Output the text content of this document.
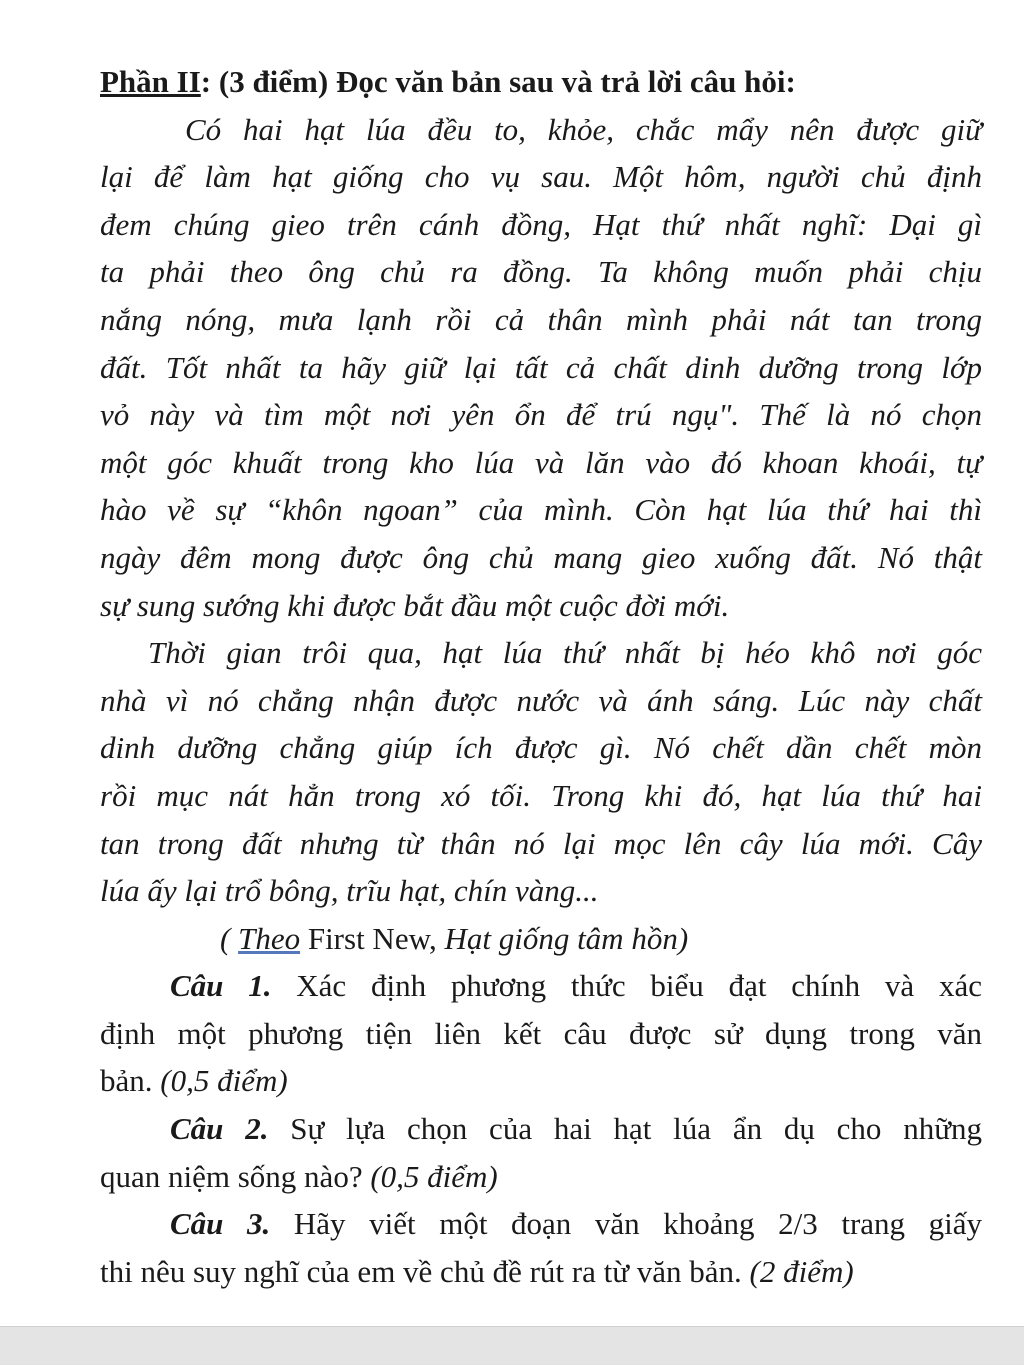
Phần II: (3 điểm) Đọc văn bản sau và trả lời câu hỏi:
Có hai hạt lúa đều to, khỏe, chắc mẩy nên được giữ
lại để làm hạt giống cho vụ sau. Một hôm, người chủ định
đem chúng gieo trên cánh đồng, Hạt thứ nhất nghĩ: Dại gì
ta phải theo ông chủ ra đồng. Ta không muốn phải chịu
nắng nóng, mưa lạnh rồi cả thân mình phải nát tan trong
đất. Tốt nhất ta hãy giữ lại tất cả chất dinh dưỡng trong lớp
vỏ này và tìm một nơi yên ổn để trú ngụ". Thế là nó chọn
một góc khuất trong kho lúa và lăn vào đó khoan khoái, tự
hào về sự “khôn ngoan” của mình. Còn hạt lúa thứ hai thì
ngày đêm mong được ông chủ mang gieo xuống đất. Nó thật
sự sung sướng khi được bắt đầu một cuộc đời mới.
Thời gian trôi qua, hạt lúa thứ nhất bị héo khô nơi góc
nhà vì nó chẳng nhận được nước và ánh sáng. Lúc này chất
dinh dưỡng chẳng giúp ích được gì. Nó chết dần chết mòn
rồi mục nát hẳn trong xó tối. Trong khi đó, hạt lúa thứ hai
tan trong đất nhưng từ thân nó lại mọc lên cây lúa mới. Cây
lúa ấy lại trổ bông, trĩu hạt, chín vàng...
( Theo First New, Hạt giống tâm hồn)
Câu 1. Xác định phương thức biểu đạt chính và xác
định một phương tiện liên kết câu được sử dụng trong văn
bản. (0,5 điểm)
Câu 2. Sự lựa chọn của hai hạt lúa ẩn dụ cho những
quan niệm sống nào? (0,5 điểm)
Câu 3. Hãy viết một đoạn văn khoảng 2/3 trang giấy
thi nêu suy nghĩ của em về chủ đề rút ra từ văn bản. (2 điểm)
